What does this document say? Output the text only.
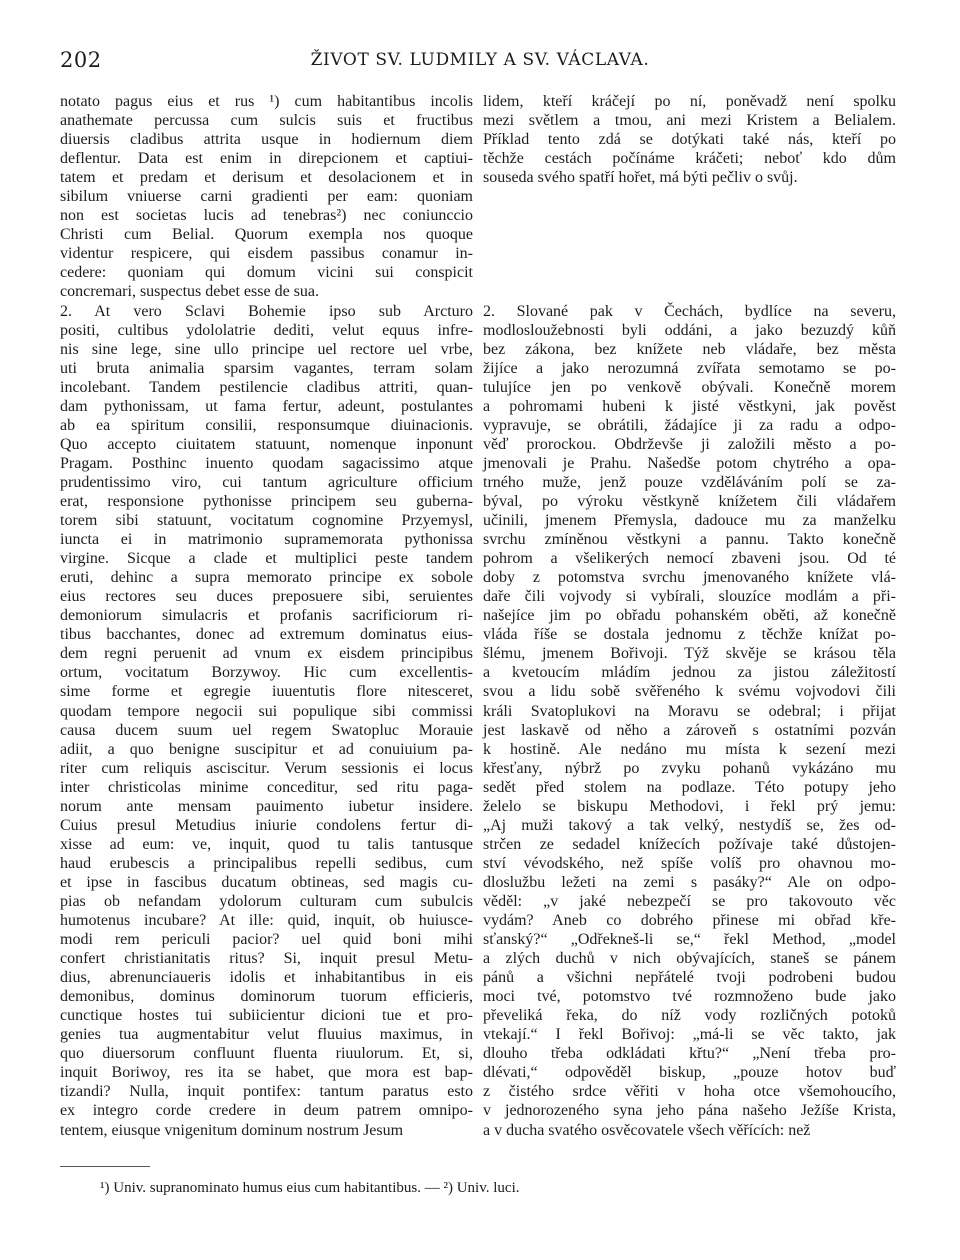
202	ŽIVOT SV. LUDMILY A SV. VÁCLAVA.
notato pagus eius et rus ¹) cum habitantibus incolis
anathemate percussa cum sulcis suis et fructibus
diuersis cladibus attrita usque in hodiernum diem
deflentur. Data est enim in direpcionem et captiui-
tatem et predam et derisum et desolacionem et in
sibilum vniuerse carni gradienti per eam: quoniam
non est societas lucis ad tenebras²) nec coniunccio
Christi cum Belial. Quorum exempla nos quoque
videntur respicere, qui eisdem passibus conamur in-
cedere: quoniam qui domum vicini sui conspicit
concremari, suspectus debet esse de sua.
2. At vero Sclavi Bohemie ipso sub Arcturo
positi, cultibus ydololatrie dediti, velut equus infre-
nis sine lege, sine ullo principe uel rectore uel vrbe,
uti bruta animalia sparsim vagantes, terram solam
incolebant. Tandem pestilencie cladibus attriti, quan-
dam pythonissam, ut fama fertur, adeunt, postulantes
ab ea spiritum consilii, responsumque diuinacionis.
Quo accepto ciuitatem statuunt, nomenque inponunt
Pragam. Posthinc inuento quodam sagacissimo atque
prudentissimo viro, cui tantum agriculture officium
erat, responsione pythonisse principem seu guberna-
torem sibi statuunt, vocitatum cognomine Przyemysl,
iuncta ei in matrimonio supramemorata pythonissa
virgine. Sicque a clade et multiplici peste tandem
eruti, dehinc a supra memorato principe ex sobole
eius rectores seu duces preposuere sibi, seruientes
demoniorum simulacris et profanis sacrificiorum ri-
tibus bacchantes, donec ad extremum dominatus eius-
dem regni peruenit ad vnum ex eisdem principibus
ortum, vocitatum Borzywoy. Hic cum excellentis-
sime forme et egregie iuuentutis flore nitesceret,
quodam tempore negocii sui populique sibi commissi
causa ducem suum uel regem Swatopluc Morauie
adiit, a quo benigne suscipitur et ad conuiuium pa-
riter cum reliquis asciscitur. Verum sessionis ei locus
inter christicolas minime conceditur, sed ritu paga-
norum ante mensam pauimento iubetur insidere.
Cuius presul Metudius iniurie condolens fertur di-
xisse ad eum: ve, inquit, quod tu talis tantusque
haud erubescis a principalibus repelli sedibus, cum
et ipse in fascibus ducatum obtineas, sed magis cu-
pias ob nefandam ydolorum culturam cum subulcis
humotenus incubare? At ille: quid, inquit, ob huiusce-
modi rem periculi pacior? uel quid boni mihi
confert christianitatis ritus? Si, inquit presul Metu-
dius, abrenunciaueris idolis et inhabitantibus in eis
demonibus, dominus dominorum tuorum efficieris,
cunctique hostes tui subiicientur dicioni tue et pro-
genies tua augmentabitur velut fluuius maximus, in
quo diuersorum confluunt fluenta riuulorum. Et, si,
inquit Boriwoy, res ita se habet, que mora est bap-
tizandi? Nulla, inquit pontifex: tantum paratus esto
ex integro corde credere in deum patrem omnipo-
tentem, eiusque vnigenitum dominum nostrum Jesum
lidem, kteří kráčejí po ní, poněvadž není spolku
mezi světlem a tmou, ani mezi Kristem a Belialem.
Příklad tento zdá se dotýkati také nás, kteří po
těchže cestách počínáme kráčeti; neboť kdo dům
souseda svého spatří hořet, má býti pečliv o svůj.
2. Slované pak v Čechách, bydlíce na severu,
modlosloužebnosti byli oddáni, a jako bezuzdý kůň
bez zákona, bez knížete neb vládaře, bez města
žijíce a jako nerozumná zvířata semotamo se po-
tulujíce jen po venkově obývali. Konečně morem
a pohromami hubeni k jisté věstkyni, jak pověst
vypravuje, se obrátili, žádajíce ji za radu a odpo-
věď prorockou. Obdrževše ji založili město a po-
jmenovali je Prahu. Našedše potom chytrého a opa-
trného muže, jenž pouze vzděláváním polí se za-
býval, po výroku věstkyně knížetem čili vládařem
učinili, jmenem Přemysla, dadouce mu za manželku
svrchu zmíněnou věstkyni a pannu. Takto konečně
pohrom a všelikerých nemocí zbaveni jsou. Od té
doby z potomstva svrchu jmenovaného knížete vlá-
daře čili vojvody si vybírali, slouzíce modlám a při-
našejíce jim po obřadu pohanském oběti, až konečně
vláda říše se dostala jednomu z těchže knížat po-
šlému, jmenem Bořivoji. Týž skvěje se krásou těla
a kvetoucím mládím jednou za jistou záležitostí
svou a lidu sobě svěřeného k svému vojvodovi čili
králi Svatoplukovi na Moravu se odebral; i přijat
jest laskavě od něho a zároveň s ostatními pozván
k hostině. Ale nedáno mu místa k sezení mezi
křesťany, nýbrž po zvyku pohanů vykázáno mu
sedět před stolem na podlaze. Této potupy jeho
želelo se biskupu Methodovi, i řekl prý jemu:
„Aj muži takový a tak velký, nestydíš se, žes od-
strčen ze sedadel knížecích požívaje také důstojen-
ství vévodského, než spíše volíš pro ohavnou mo-
dloslužbu ležeti na zemi s pasáky?“ Ale on odpo-
věděl: „v jaké nebezpečí se pro takovouto věc
vydám? Aneb co dobrého přinese mi obřad kře-
sťanský?“ „Odřekneš-li se,“ řekl Method, „model
a zlých duchů v nich obývajících, staneš se pánem
pánů a všichni nepřátelé tvoji podrobeni budou
moci tvé, potomstvo tvé rozmnoženo bude jako
převeliká řeka, do níž vody rozličných potoků
vtekají.“ I řekl Bořivoj: „má-li se věc takto, jak
dlouho třeba odkládati křtu?“ „Není třeba pro-
dlévati,“ odpověděl biskup, „pouze hotov buď
z čistého srdce věřiti v hoha otce všemohoucího,
v jednorozeného syna jeho pána našeho Ježíše Krista,
a v ducha svatého osvěcovatele všech věřících: než
¹) Univ. supranominato humus eius cum habitantibus. — ²) Univ. luci.
